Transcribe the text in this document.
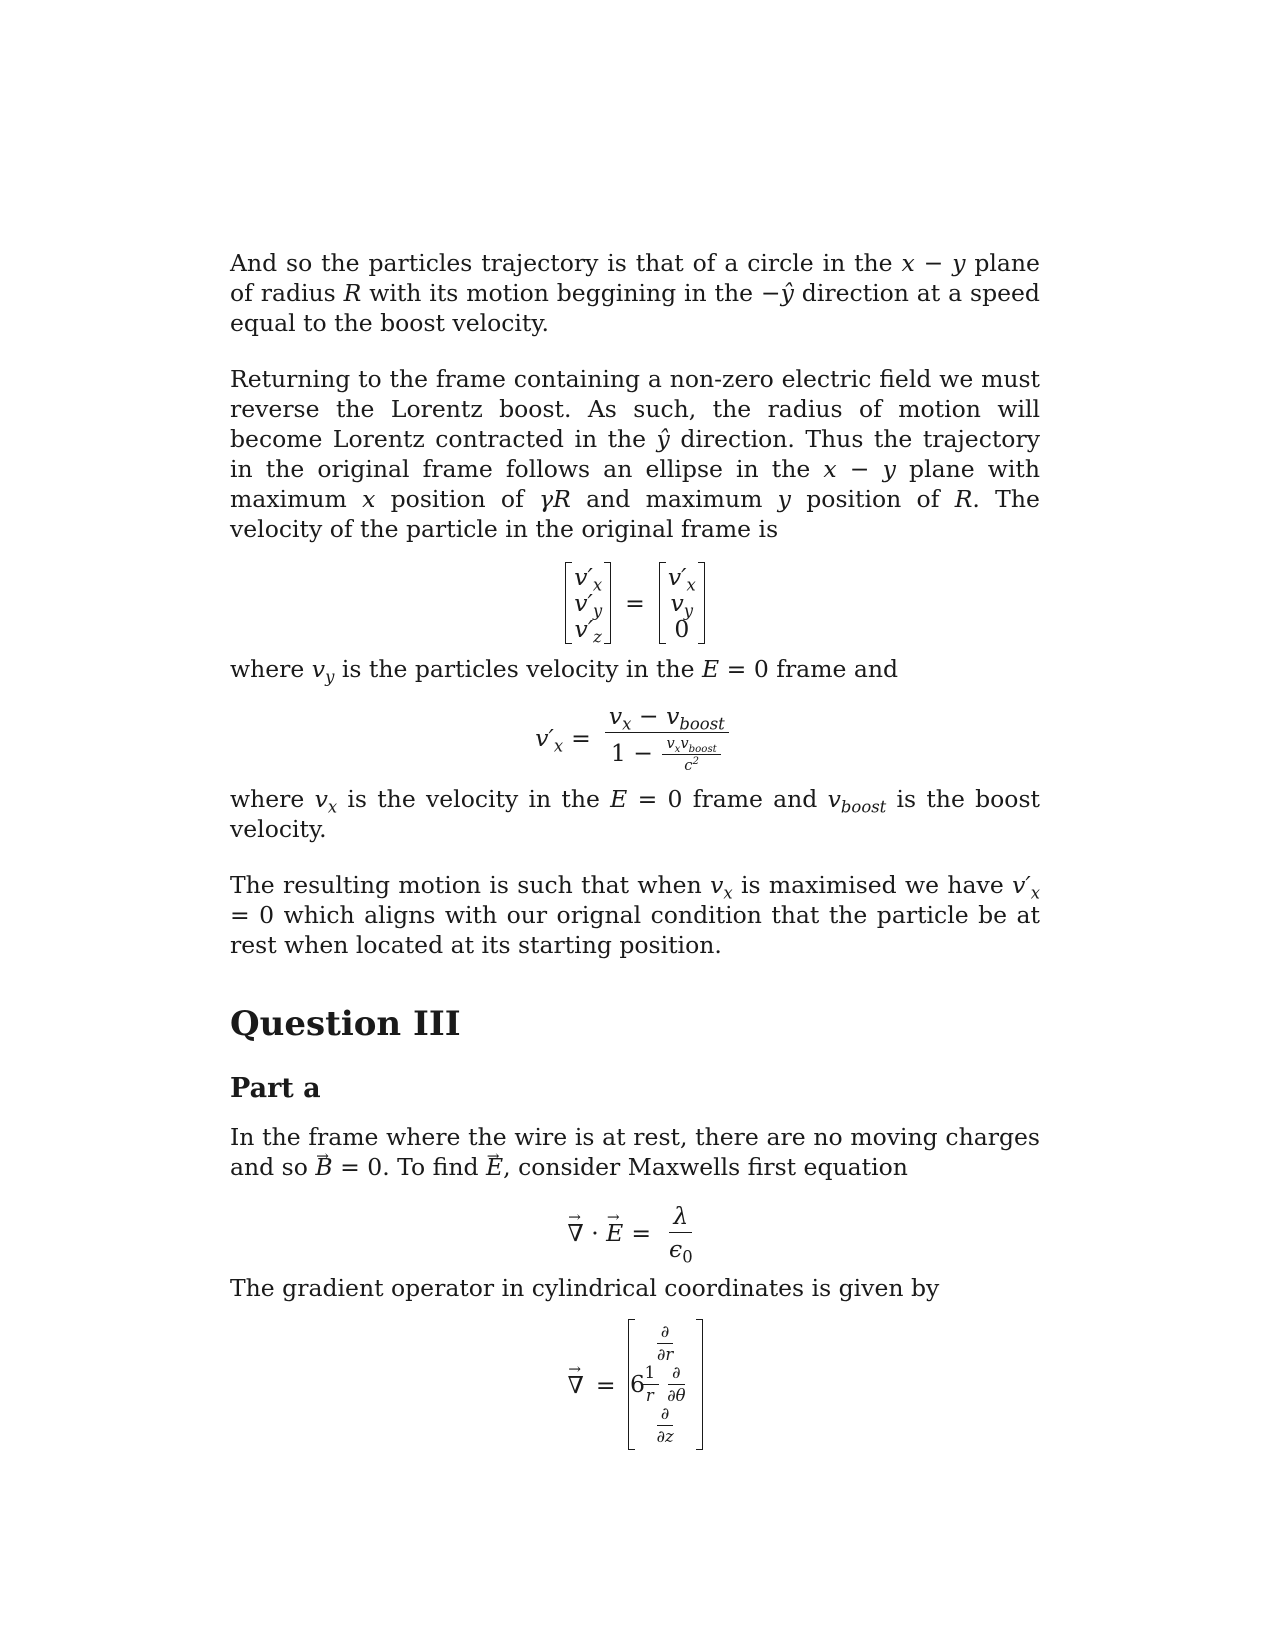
And so the particles trajectory is that of a circle in the x − y plane of radius R with its motion beggining in the −ŷ direction at a speed equal to the boost velocity.

Returning to the frame containing a non-zero electric field we must reverse the Lorentz boost. As such, the radius of motion will become Lorentz contracted in the ŷ direction. Thus the trajectory in the original frame follows an ellipse in the x − y plane with maximum x position of γR and maximum y position of R. The velocity of the particle in the original frame is

$v'_x$
$v'_y$
$v'_z$
=
$v'_x$
$v_y$
0

where $v_y$ is the particles velocity in the E = 0 frame and

$v'_x = \frac{v_x - v_{boost}}{1 - \frac{v_xv_{boost}}{c^2}}$

where $v_x$ is the velocity in the E = 0 frame and $v_{boost}$ is the boost velocity.

The resulting motion is such that when $v_x$ is maximised we have $v'_x = 0$ which aligns with our orignal condition that the particle be at rest when located at its starting position.

Question III
Part a

In the frame where the wire is at rest, there are no moving charges and so → B = 0. To find → E, consider Maxwells first equation

→ ∇ · → $E = \frac{\lambda}{\epsilon_0}$

The gradient operator in cylindrical coordinates is given by

→ ∇ =
$\frac{\partial}{\partial r}$
$\frac{1}{r} \frac{\partial}{\partial\theta}$
$\frac{\partial}{\partial z}$
6
